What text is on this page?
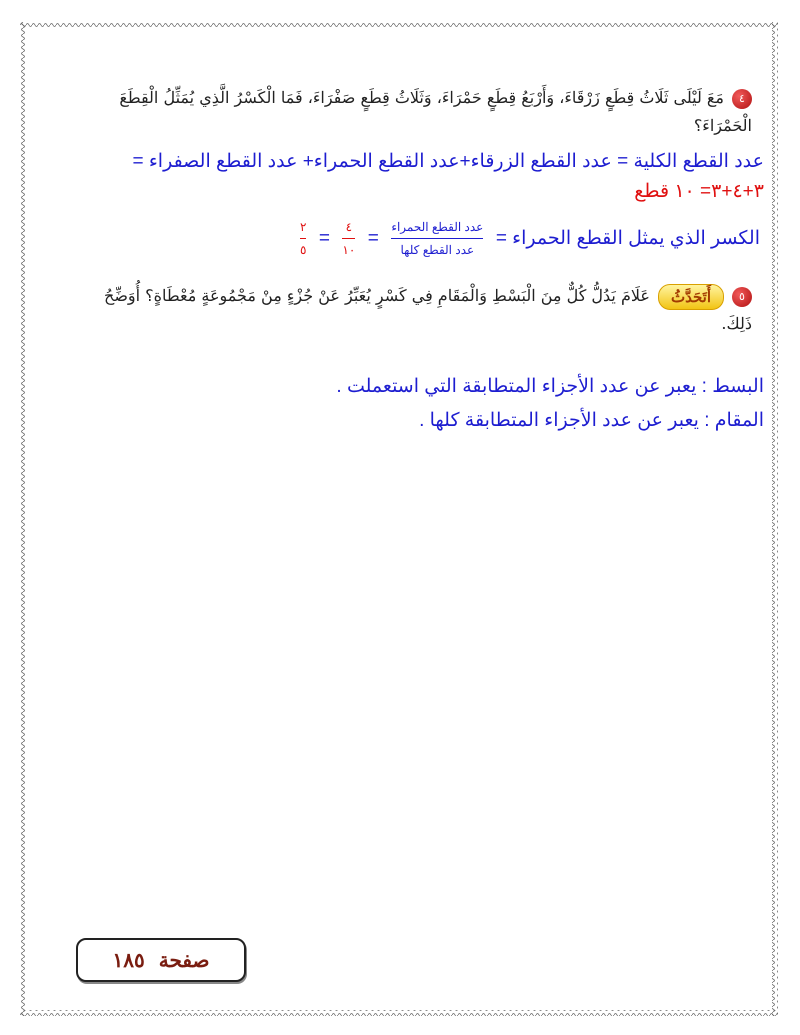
٤مَعَ لَيْلَى ثَلَاثُ قِطَعٍ زَرْقَاءَ، وَأَرْبَعُ قِطَعٍ حَمْرَاءَ، وَثَلَاثُ قِطَعٍ صَفْرَاءَ، فَمَا الْكَسْرُ الَّذِي يُمَثِّلُ الْقِطَعَ الْحَمْرَاءَ؟
عدد القطع الكلية = عدد القطع الزرقاء+عدد القطع الحمراء+ عدد القطع الصفراء =
٣+٤+٣= ١٠ قطع
الكسر الذي يمثل القطع الحمراء =
$\frac{\text{عدد القطع الحمراء}}{\text{عدد القطع كلها}}$
=
$\frac{٤}{١٠}$
=
$\frac{٢}{٥}$
٥أَتَحَدَّثُعَلَامَ يَدُلُّ كُلٌّ مِنَ الْبَسْطِ وَالْمَقَامِ فِي كَسْرٍ يُعَبِّرُ عَنْ جُزْءٍ مِنْ مَجْمُوعَةٍ مُعْطَاةٍ؟ أُوَضِّحُ ذَلِكَ.
البسط : يعبر عن عدد الأجزاء المتطابقة التي استعملت .
المقام : يعبر عن عدد الأجزاء المتطابقة كلها .
صفحة
١٨٥
